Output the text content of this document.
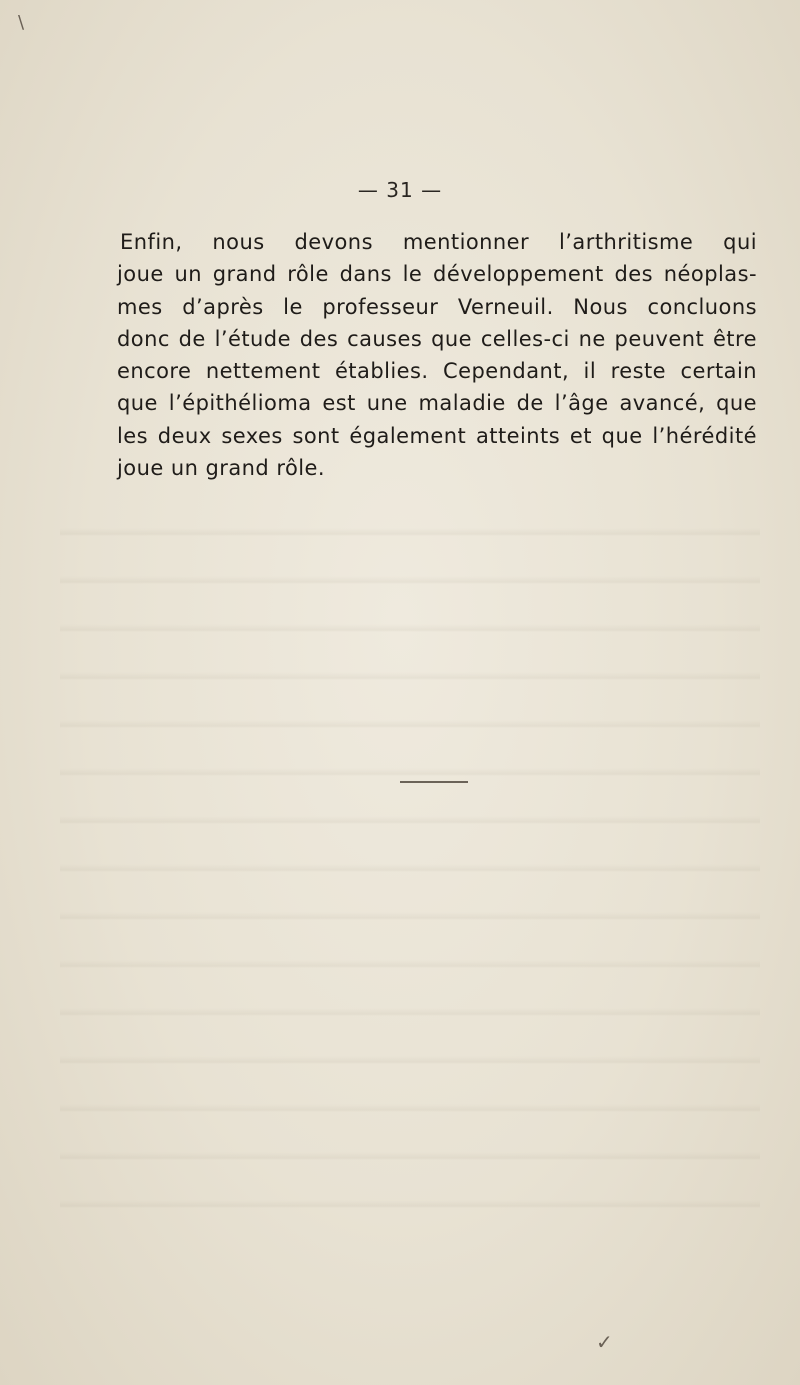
\
— 31 —
Enfin, nous devons mentionner l’arthritisme qui
joue un grand rôle dans le développement des néoplas-
mes d’après le professeur Verneuil. Nous concluons
donc de l’étude des causes que celles-ci ne peuvent être
encore nettement établies. Cependant, il reste certain
que l’épithélioma est une maladie de l’âge avancé, que
les deux sexes sont également atteints et que l’hérédité
joue un grand rôle.
✓
